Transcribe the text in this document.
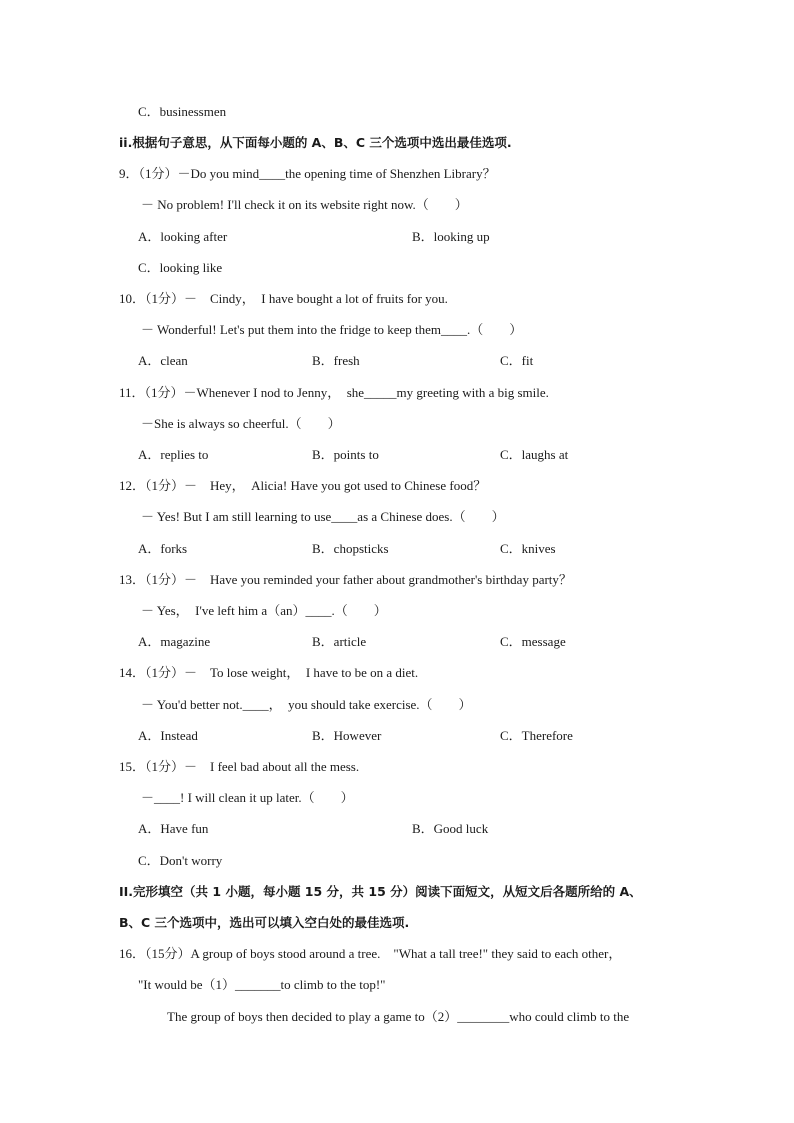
C．businessmen
ii.根据句子意思，从下面每小题的 A、B、C 三个选项中选出最佳选项.
9．（1分）－Do you mind____the opening time of Shenzhen Library？
－ No problem! I'll check it on its website right now.（　　）
A．looking after	B．looking up
C．looking like
10．（1分）－　Cindy，　I have bought a lot of fruits for you.
－ Wonderful! Let's put them into the fridge to keep them____.（　　）
A．clean	B．fresh	C．fit
11．（1分）－Whenever I nod to Jenny，　she_____my greeting with a big smile.
－She is always so cheerful.（　　）
A．replies to	B．points to	C．laughs at
12．（1分）－　Hey，　Alicia! Have you got used to Chinese food？
－ Yes! But I am still learning to use____as a Chinese does.（　　）
A．forks	B．chopsticks	C．knives
13．（1分）－　Have you reminded your father about grandmother's birthday party？
－ Yes，　I've left him a（an）____.（　　）
A．magazine	B．article	C．message
14．（1分）－　To lose weight，　I have to be on a diet.
－ You'd better not.____，　you should take exercise.（　　）
A．Instead	B．However	C．Therefore
15．（1分）－　I feel bad about all the mess.
－____! I will clean it up later.（　　）
A．Have fun	B．Good luck
C．Don't worry
II.完形填空（共 1 小题，每小题 15 分，共 15 分）阅读下面短文，从短文后各题所给的 A、
B、C 三个选项中，选出可以填入空白处的最佳选项.
16．（15分）A group of boys stood around a tree.　"What a tall tree!" they said to each other，
"It would be（1）_______to climb to the top!"
The group of boys then decided to play a game to（2）________who could climb to the
